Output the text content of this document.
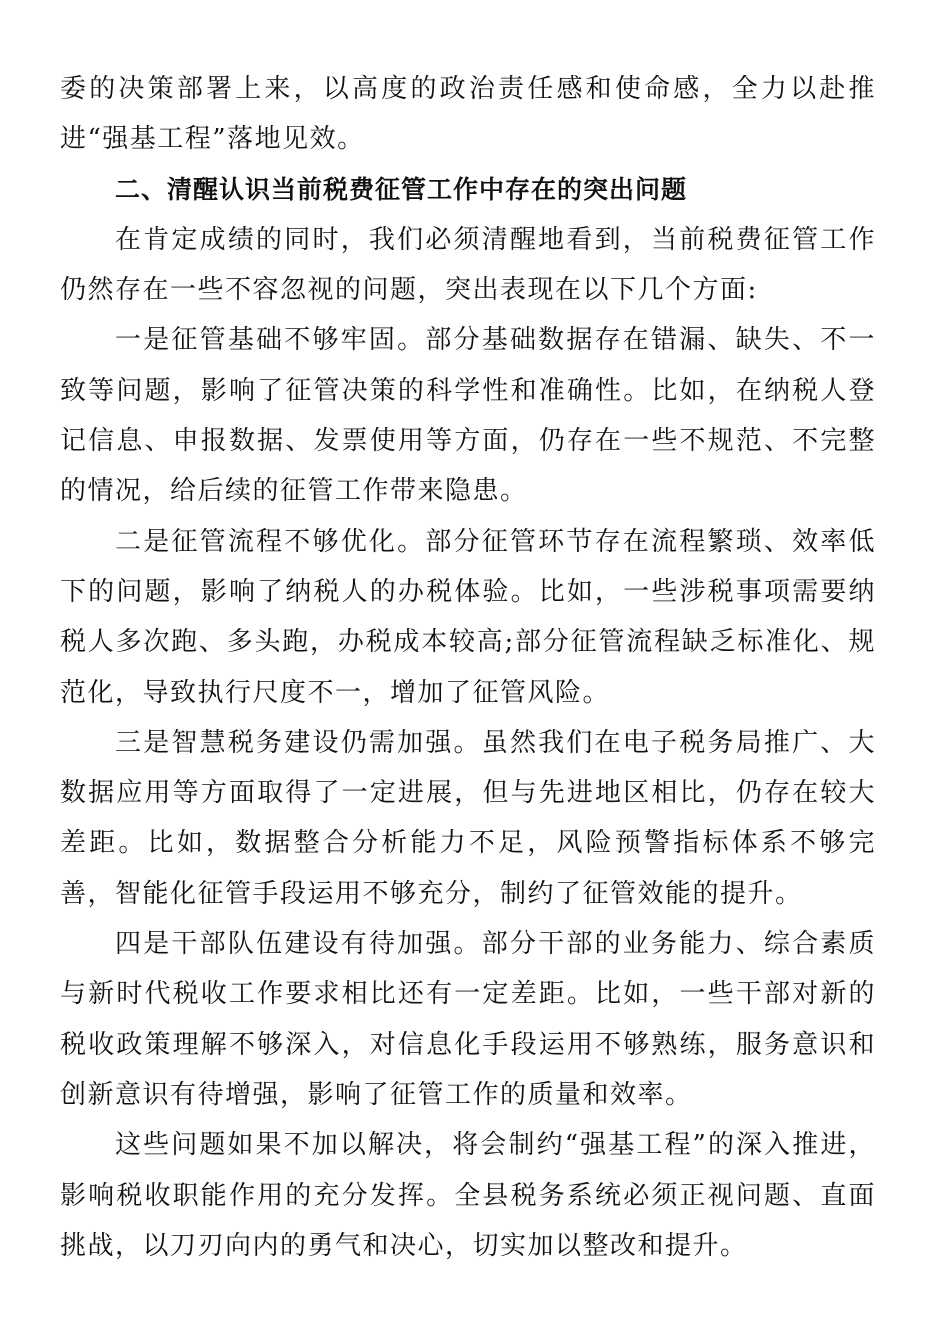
委的决策部署上来，以高度的政治责任感和使命感，全力以赴推进“强基工程”落地见效。

二、清醒认识当前税费征管工作中存在的突出问题

在肯定成绩的同时，我们必须清醒地看到，当前税费征管工作仍然存在一些不容忽视的问题，突出表现在以下几个方面:

一是征管基础不够牢固。部分基础数据存在错漏、缺失、不一致等问题，影响了征管决策的科学性和准确性。比如，在纳税人登记信息、申报数据、发票使用等方面，仍存在一些不规范、不完整的情况，给后续的征管工作带来隐患。

二是征管流程不够优化。部分征管环节存在流程繁琐、效率低下的问题，影响了纳税人的办税体验。比如，一些涉税事项需要纳税人多次跑、多头跑，办税成本较高;部分征管流程缺乏标准化、规范化，导致执行尺度不一，增加了征管风险。

三是智慧税务建设仍需加强。虽然我们在电子税务局推广、大数据应用等方面取得了一定进展，但与先进地区相比，仍存在较大差距。比如，数据整合分析能力不足，风险预警指标体系不够完善，智能化征管手段运用不够充分，制约了征管效能的提升。

四是干部队伍建设有待加强。部分干部的业务能力、综合素质与新时代税收工作要求相比还有一定差距。比如，一些干部对新的税收政策理解不够深入，对信息化手段运用不够熟练，服务意识和创新意识有待增强，影响了征管工作的质量和效率。

这些问题如果不加以解决，将会制约“强基工程”的深入推进，影响税收职能作用的充分发挥。全县税务系统必须正视问题、直面挑战，以刀刃向内的勇气和决心，切实加以整改和提升。
